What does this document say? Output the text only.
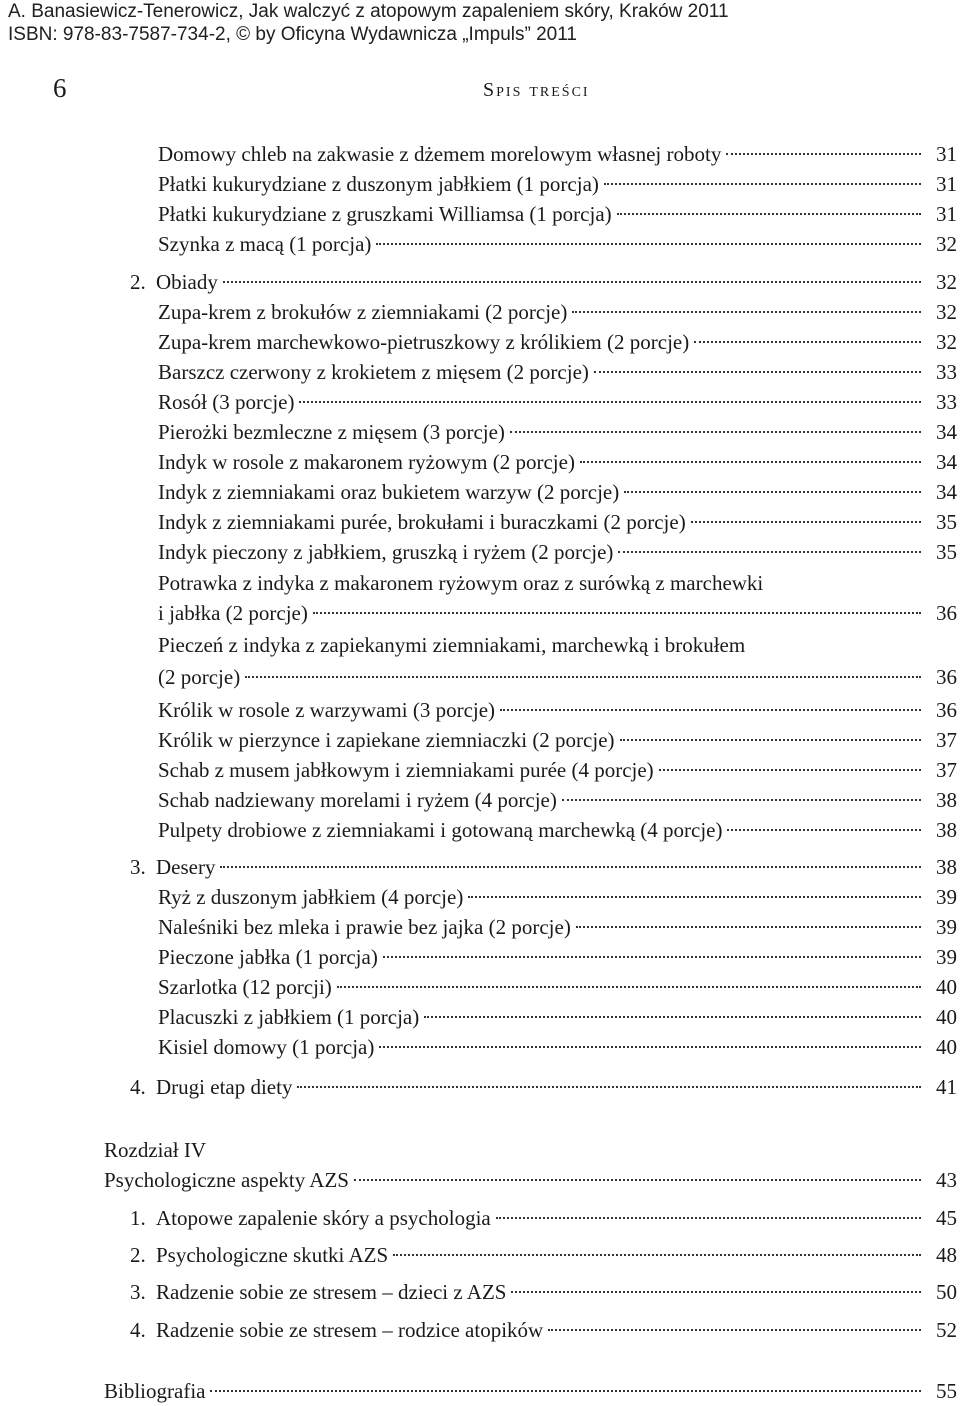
A. Banasiewicz-Tenerowicz, Jak walczyć z atopowym zapaleniem skóry, Kraków 2011

ISBN: 978-83-7587-734-2, © by Oficyna Wydawnicza „Impuls” 2011

6	Spis treści
Domowy chleb na zakwasie z dżemem morelowym własnej roboty	31
Płatki kukurydziane z duszonym jabłkiem (1 porcja)	31
Płatki kukurydziane z gruszkami Williamsa (1 porcja)	31
Szynka z macą (1 porcja)	32
2. Obiady	32
Zupa-krem z brokułów z ziemniakami (2 porcje)	32
Zupa-krem marchewkowo-pietruszkowy z królikiem (2 porcje)	32
Barszcz czerwony z krokietem z mięsem (2 porcje)	33
Rosół (3 porcje)	33
Pierożki bezmleczne z mięsem (3 porcje)	34
Indyk w rosole z makaronem ryżowym (2 porcje)	34
Indyk z ziemniakami oraz bukietem warzyw (2 porcje)	34
Indyk z ziemniakami purée, brokułami i buraczkami (2 porcje)	35
Indyk pieczony z jabłkiem, gruszką i ryżem (2 porcje)	35
Potrawka z indyka z makaronem ryżowym oraz z surówką z marchewki
i jabłka (2 porcje)	36
Pieczeń z indyka z zapiekanymi ziemniakami, marchewką i brokułem
(2 porcje)	36
Królik w rosole z warzywami (3 porcje)	36
Królik w pierzynce i zapiekane ziemniaczki (2 porcje)	37
Schab z musem jabłkowym i ziemniakami purée (4 porcje)	37
Schab nadziewany morelami i ryżem (4 porcje)	38
Pulpety drobiowe z ziemniakami i gotowaną marchewką (4 porcje)	38
3. Desery	38
Ryż z duszonym jabłkiem (4 porcje)	39
Naleśniki bez mleka i prawie bez jajka (2 porcje)	39
Pieczone jabłka (1 porcja)	39
Szarlotka (12 porcji)	40
Placuszki z jabłkiem (1 porcja)	40
Kisiel domowy (1 porcja)	40
4. Drugi etap diety	41
Rozdział IV
Psychologiczne aspekty AZS	43
1. Atopowe zapalenie skóry a psychologia	45
2. Psychologiczne skutki AZS	48
3. Radzenie sobie ze stresem – dzieci z AZS	50
4. Radzenie sobie ze stresem – rodzice atopików	52
Bibliografia	55
